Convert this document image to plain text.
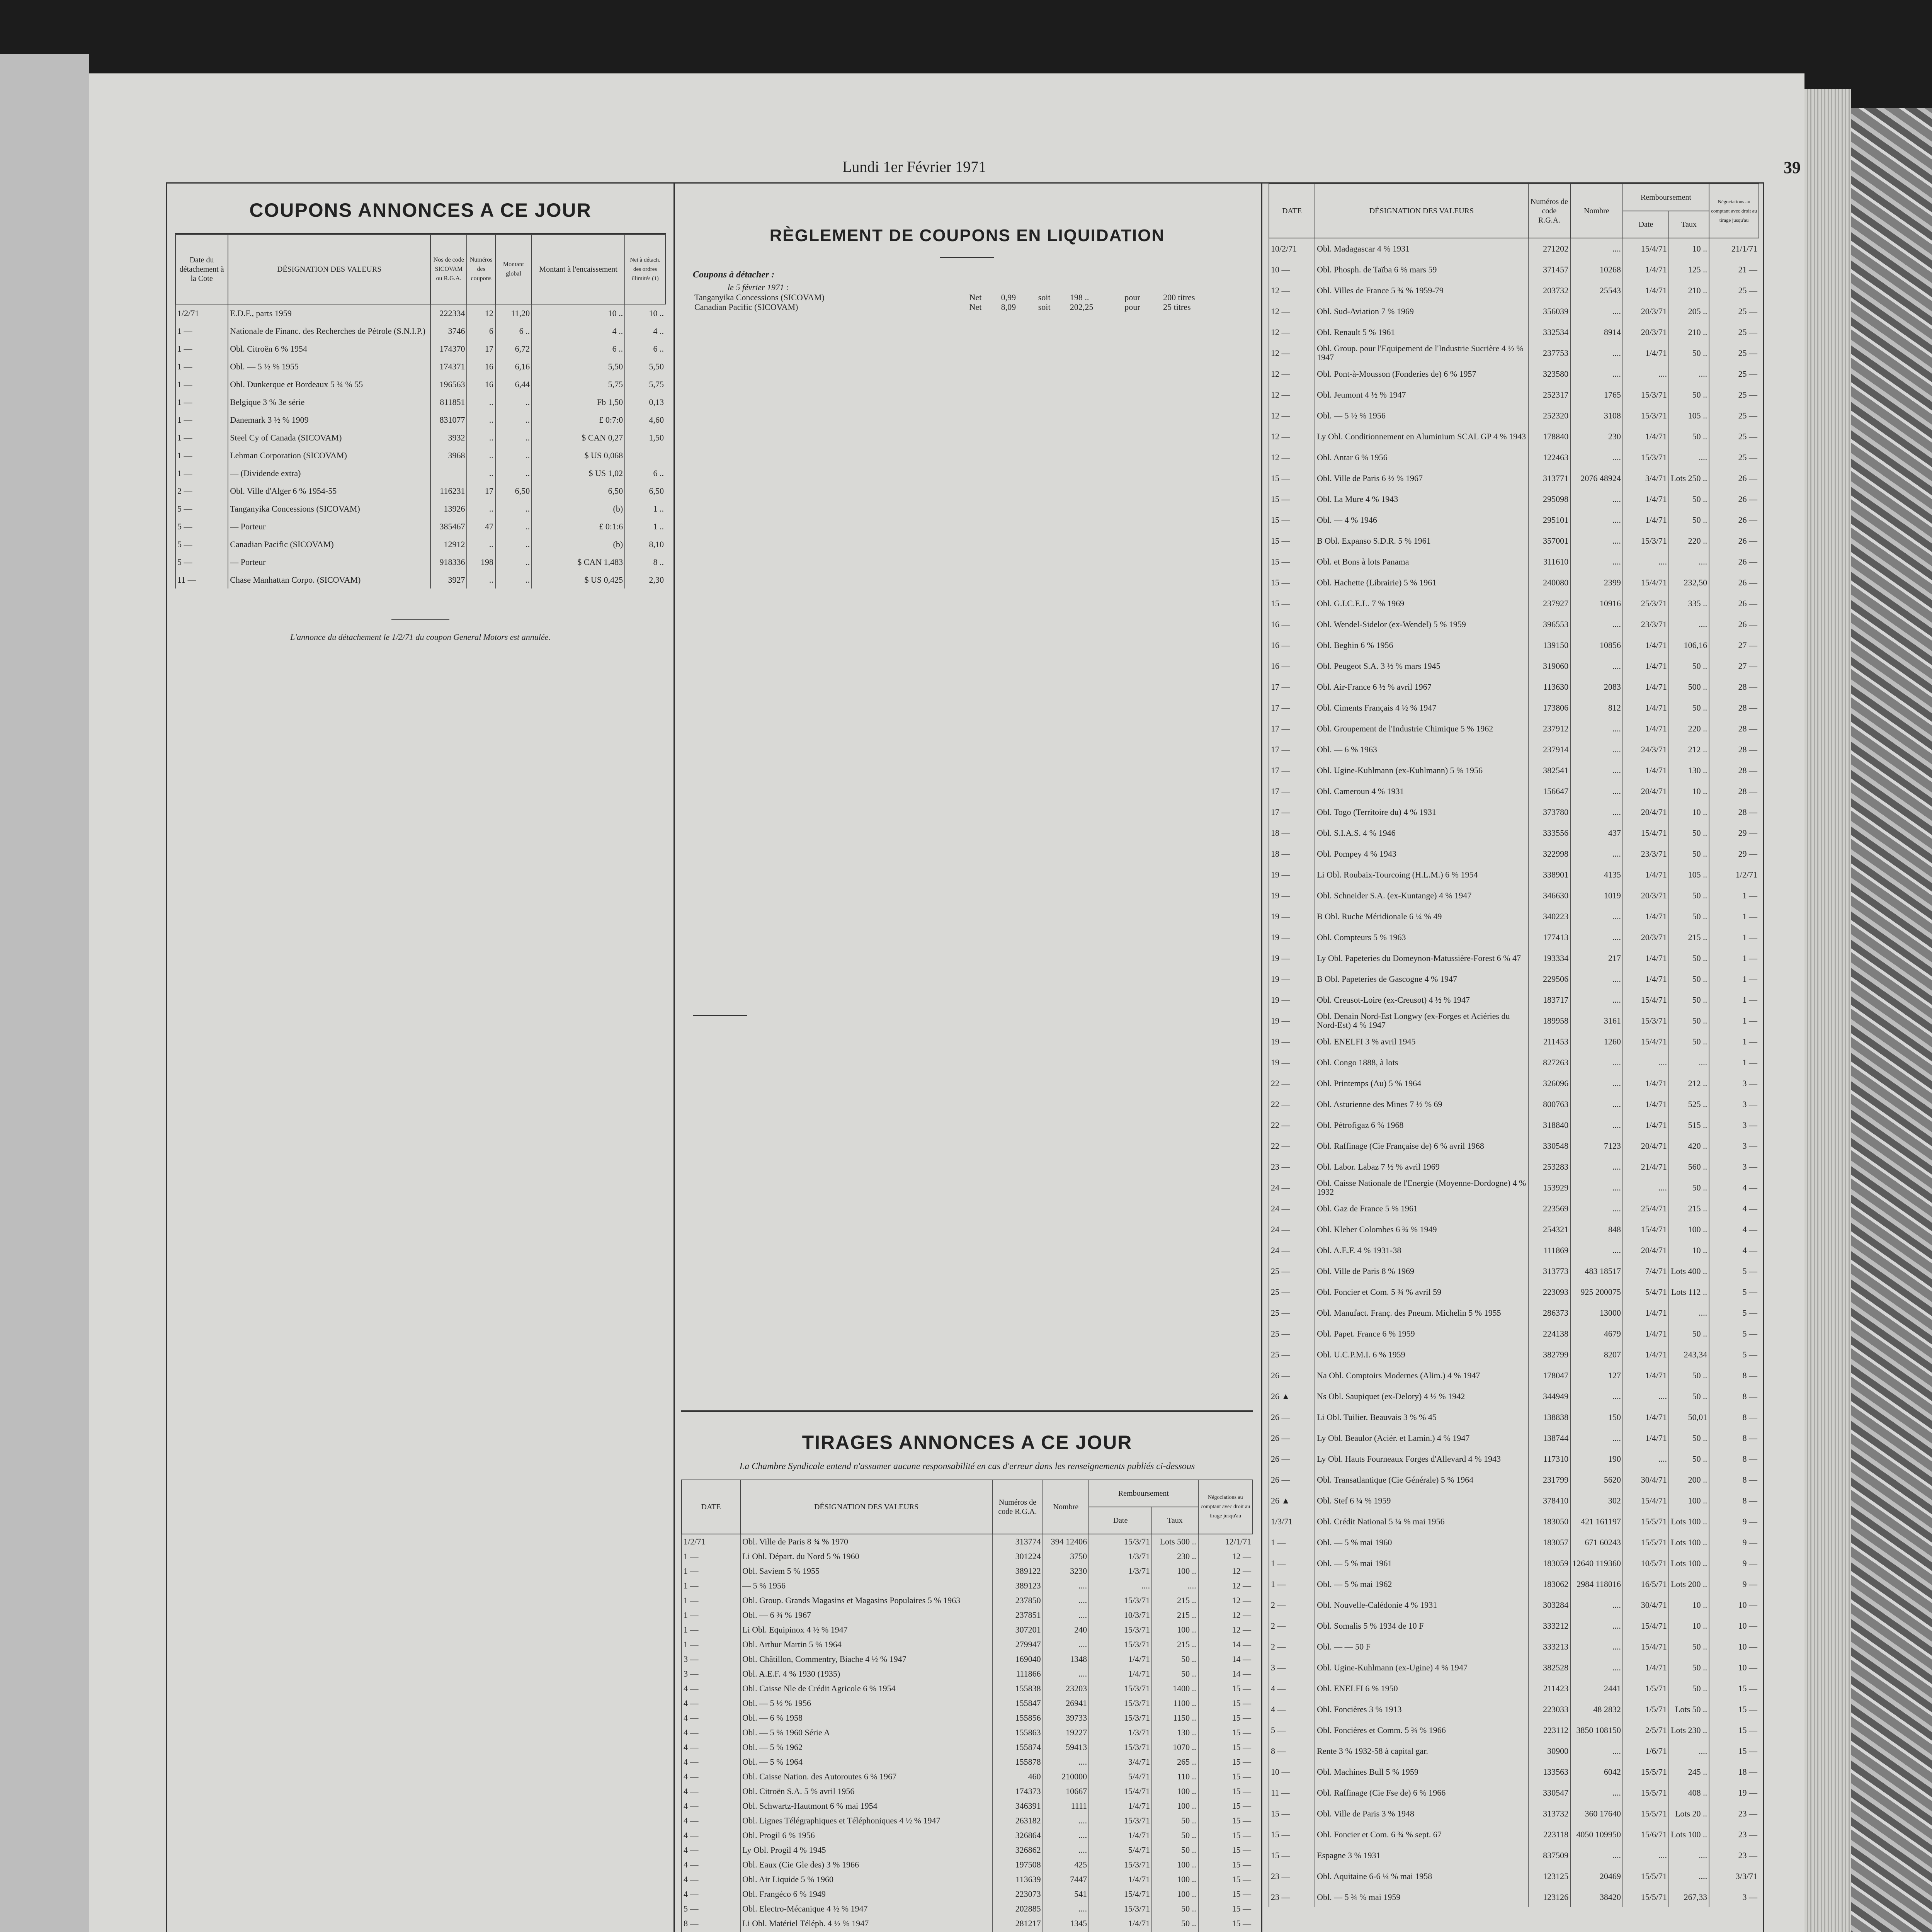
Lundi 1er Février 1971	39
COUPONS ANNONCES A CE JOUR
Date du détachement à la Cote	DÉSIGNATION DES VALEURS	Nos de code SICOVAM ou R.G.A.	Numéros des coupons	Montant global	Montant à l'encaissement	Net à détach. des ordres illimités (1)
1/2/71	E.D.F., parts 1959	222334	12	11,20	10 ..	10 ..
1 —	Nationale de Financ. des Recherches de Pétrole (S.N.I.P.)	3746	6	6 ..	4 ..	4 ..
1 —	Obl. Citroën 6 % 1954	174370	17	6,72	6 ..	6 ..
1 —	Obl. — 5 ½ % 1955	174371	16	6,16	5,50	5,50
1 —	Obl. Dunkerque et Bordeaux 5 ¾ % 55	196563	16	6,44	5,75	5,75
1 —	Belgique 3 % 3e série	811851	..	..	Fb 1,50	0,13
1 —	Danemark 3 ½ % 1909	831077	..	..	£ 0:7:0	4,60
1 —	Steel Cy of Canada (SICOVAM)	3932	..	..	$ CAN 0,27	1,50
1 —	Lehman Corporation (SICOVAM)	3968	..	..	$ US 0,068	
1 —	— (Dividende extra)		..	..	$ US 1,02	6 ..
2 —	Obl. Ville d'Alger 6 % 1954-55	116231	17	6,50	6,50	6,50
5 —	Tanganyika Concessions (SICOVAM)	13926	..	..	(b)	1 ..
5 —	— Porteur	385467	47	..	£ 0:1:6	1 ..
5 —	Canadian Pacific (SICOVAM)	12912	..	..	(b)	8,10
5 —	— Porteur	918336	198	..	$ CAN 1,483	8 ..
11 —	Chase Manhattan Corpo. (SICOVAM)	3927	..	..	$ US 0,425	2,30
L'annonce du détachement le 1/2/71 du coupon General Motors est annulée.
RÈGLEMENT DE COUPONS EN LIQUIDATION
Coupons à détacher :
le 5 février 1971 :
Tanganyika Concessions (SICOVAM)	Net	0,99	soit	198 ..	pour	200 titres
Canadian Pacific (SICOVAM)	Net	8,09	soit	202,25	pour	25 titres
TIRAGES ANNONCES A CE JOUR
La Chambre Syndicale entend n'assumer aucune responsabilité en cas d'erreur dans les renseignements publiés ci-dessous
DATE	DÉSIGNATION DES VALEURS	Numéros de code R.G.A.	Nombre	Remboursement		Négociations au comptant avec droit au tirage jusqu'au
				Date	Taux	
1/2/71	Obl. Ville de Paris 8 ¾ % 1970	313774	394 12406	15/3/71	Lots 500 ..	12/1/71
1 —	Li Obl. Départ. du Nord 5 % 1960	301224	3750	1/3/71	230 ..	12 —
1 —	Obl. Saviem 5 % 1955	389122	3230	1/3/71	100 ..	12 —
1 —	— 5 % 1956	389123	....	....	....	12 —
1 —	Obl. Group. Grands Magasins et Magasins Populaires 5 % 1963	237850	....	15/3/71	215 ..	12 —
1 —	Obl. — 6 ¾ % 1967	237851	....	10/3/71	215 ..	12 —
1 —	Li Obl. Equipinox 4 ½ % 1947	307201	240	15/3/71	100 ..	12 —
1 —	Obl. Arthur Martin 5 % 1964	279947	....	15/3/71	215 ..	14 —
3 —	Obl. Châtillon, Commentry, Biache 4 ½ % 1947	169040	1348	1/4/71	50 ..	14 —
3 —	Obl. A.E.F. 4 % 1930 (1935)	111866	....	1/4/71	50 ..	14 —
4 —	Obl. Caisse Nle de Crédit Agricole 6 % 1954	155838	23203	15/3/71	1400 ..	15 —
4 —	Obl. — 5 ½ % 1956	155847	26941	15/3/71	1100 ..	15 —
4 —	Obl. — 6 % 1958	155856	39733	15/3/71	1150 ..	15 —
4 —	Obl. — 5 % 1960 Série A	155863	19227	1/3/71	130 ..	15 —
4 —	Obl. — 5 % 1962	155874	59413	15/3/71	1070 ..	15 —
4 —	Obl. — 5 % 1964	155878	....	3/4/71	265 ..	15 —
4 —	Obl. Caisse Nation. des Autoroutes 6 % 1967	460	210000	5/4/71	110 ..	15 —
4 —	Obl. Citroën S.A. 5 % avril 1956	174373	10667	15/4/71	100 ..	15 —
4 —	Obl. Schwartz-Hautmont 6 % mai 1954	346391	1111	1/4/71	100 ..	15 —
4 —	Obl. Lignes Télégraphiques et Téléphoniques 4 ½ % 1947	263182	....	15/3/71	50 ..	15 —
4 —	Obl. Progil 6 % 1956	326864	....	1/4/71	50 ..	15 —
4 —	Ly Obl. Progil 4 % 1945	326862	....	5/4/71	50 ..	15 —
4 —	Obl. Eaux (Cie Gle des) 3 % 1966	197508	425	15/3/71	100 ..	15 —
4 —	Obl. Air Liquide 5 % 1960	113639	7447	1/4/71	100 ..	15 —
4 —	Obl. Frangéco 6 % 1949	223073	541	15/4/71	100 ..	15 —
5 —	Obl. Electro-Mécanique 4 ½ % 1947	202885	....	15/3/71	50 ..	15 —
8 —	Li Obl. Matériel Téléph. 4 ½ % 1947	281217	1345	1/4/71	50 ..	15 —

DATE	DÉSIGNATION DES VALEURS	Numéros de code R.G.A.	Nombre	Remboursement		Négociations au comptant avec droit au tirage jusqu'au
				Date	Taux	
10/2/71	Obl. Madagascar 4 % 1931	271202	....	15/4/71	10 ..	21/1/71
10 —	Obl. Phosph. de Taïba 6 % mars 59	371457	10268	1/4/71	125 ..	21 —
12 —	Obl. Villes de France 5 ¾ % 1959-79	203732	25543	1/4/71	210 ..	25 —
12 —	Obl. Sud-Aviation 7 % 1969	356039	....	20/3/71	205 ..	25 —
12 —	Obl. Renault 5 % 1961	332534	8914	20/3/71	210 ..	25 —
12 —	Obl. Group. pour l'Equipement de l'Industrie Sucrière 4 ½ % 1947	237753	....	1/4/71	50 ..	25 —
12 —	Obl. Pont-à-Mousson (Fonderies de) 6 % 1957	323580	....	....	....	25 —
12 —	Obl. Jeumont 4 ½ % 1947	252317	1765	15/3/71	50 ..	25 —
12 —	Obl. — 5 ½ % 1956	252320	3108	15/3/71	105 ..	25 —
12 —	Ly Obl. Conditionnement en Aluminium SCAL GP 4 % 1943	178840	230	1/4/71	50 ..	25 —
12 —	Obl. Antar 6 % 1956	122463	....	15/3/71	....	25 —
15 —	Obl. Ville de Paris 6 ½ % 1967	313771	2076 48924	3/4/71	Lots 250 ..	26 —
15 —	Obl. La Mure 4 % 1943	295098	....	1/4/71	50 ..	26 —
15 —	Obl. — 4 % 1946	295101	....	1/4/71	50 ..	26 —
15 —	B Obl. Expanso S.D.R. 5 % 1961	357001	....	15/3/71	220 ..	26 —
15 —	Obl. et Bons à lots Panama	311610	....	....	....	26 —
15 —	Obl. Hachette (Librairie) 5 % 1961	240080	2399	15/4/71	232,50	26 —
15 —	Obl. G.I.C.E.L. 7 % 1969	237927	10916	25/3/71	335 ..	26 —
16 —	Obl. Wendel-Sidelor (ex-Wendel) 5 % 1959	396553	....	23/3/71	....	26 —
16 —	Obl. Beghin 6 % 1956	139150	10856	1/4/71	106,16	27 —
16 —	Obl. Peugeot S.A. 3 ½ % mars 1945	319060	....	1/4/71	50 ..	27 —
17 —	Obl. Air-France 6 ½ % avril 1967	113630	2083	1/4/71	500 ..	28 —
17 —	Obl. Ciments Français 4 ½ % 1947	173806	812	1/4/71	50 ..	28 —
17 —	Obl. Groupement de l'Industrie Chimique 5 % 1962	237912	....	1/4/71	220 ..	28 —
17 —	Obl. — 6 % 1963	237914	....	24/3/71	212 ..	28 —
17 —	Obl. Ugine-Kuhlmann (ex-Kuhlmann) 5 % 1956	382541	....	1/4/71	130 ..	28 —
17 —	Obl. Cameroun 4 % 1931	156647	....	20/4/71	10 ..	28 —
17 —	Obl. Togo (Territoire du) 4 % 1931	373780	....	20/4/71	10 ..	28 —
18 —	Obl. S.I.A.S. 4 % 1946	333556	437	15/4/71	50 ..	29 —
18 —	Obl. Pompey 4 % 1943	322998	....	23/3/71	50 ..	29 —
19 —	Li Obl. Roubaix-Tourcoing (H.L.M.) 6 % 1954	338901	4135	1/4/71	105 ..	1/2/71
19 —	Obl. Schneider S.A. (ex-Kuntange) 4 % 1947	346630	1019	20/3/71	50 ..	1 —
19 —	B Obl. Ruche Méridionale 6 ¼ % 49	340223	....	1/4/71	50 ..	1 —
19 —	Obl. Compteurs 5 % 1963	177413	....	20/3/71	215 ..	1 —
19 —	Ly Obl. Papeteries du Domeynon-Matussière-Forest 6 % 47	193334	217	1/4/71	50 ..	1 —
19 —	B Obl. Papeteries de Gascogne 4 % 1947	229506	....	1/4/71	50 ..	1 —
19 —	Obl. Creusot-Loire (ex-Creusot) 4 ½ % 1947	183717	....	15/4/71	50 ..	1 —
19 —	Obl. Denain Nord-Est Longwy (ex-Forges et Aciéries du Nord-Est) 4 % 1947	189958	3161	15/3/71	50 ..	1 —
19 —	Obl. ENELFI 3 % avril 1945	211453	1260	15/4/71	50 ..	1 —
19 —	Obl. Congo 1888, à lots	827263	....	....	....	1 —
22 —	Obl. Printemps (Au) 5 % 1964	326096	....	1/4/71	212 ..	3 —
22 —	Obl. Asturienne des Mines 7 ½ % 69	800763	....	1/4/71	525 ..	3 —
22 —	Obl. Pétrofigaz 6 % 1968	318840	....	1/4/71	515 ..	3 —
22 —	Obl. Raffinage (Cie Française de) 6 % avril 1968	330548	7123	20/4/71	420 ..	3 —
23 —	Obl. Labor. Labaz 7 ½ % avril 1969	253283	....	21/4/71	560 ..	3 —
24 —	Obl. Caisse Nationale de l'Energie (Moyenne-Dordogne) 4 % 1932	153929	....	....	50 ..	4 —
24 —	Obl. Gaz de France 5 % 1961	223569	....	25/4/71	215 ..	4 —
24 —	Obl. Kleber Colombes 6 ¾ % 1949	254321	848	15/4/71	100 ..	4 —
24 —	Obl. A.E.F. 4 % 1931-38	111869	....	20/4/71	10 ..	4 —
25 —	Obl. Ville de Paris 8 % 1969	313773	483 18517	7/4/71	Lots 400 ..	5 —
25 —	Obl. Foncier et Com. 5 ¾ % avril 59	223093	925 200075	5/4/71	Lots 112 ..	5 —
25 —	Obl. Manufact. Franç. des Pneum. Michelin 5 % 1955	286373	13000	1/4/71	....	5 —
25 —	Obl. Papet. France 6 % 1959	224138	4679	1/4/71	50 ..	5 —
25 —	Obl. U.C.P.M.I. 6 % 1959	382799	8207	1/4/71	243,34	5 —
26 —	Na Obl. Comptoirs Modernes (Alim.) 4 % 1947	178047	127	1/4/71	50 ..	8 —
26 ▲	Ns Obl. Saupiquet (ex-Delory) 4 ½ % 1942	344949	....	....	50 ..	8 —
26 —	Li Obl. Tuilier. Beauvais 3 % % 45	138838	150	1/4/71	50,01	8 —
26 —	Ly Obl. Beaulor (Aciér. et Lamin.) 4 % 1947	138744	....	1/4/71	50 ..	8 —
26 —	Ly Obl. Hauts Fourneaux Forges d'Allevard 4 % 1943	117310	190	....	50 ..	8 —
26 —	Obl. Transatlantique (Cie Générale) 5 % 1964	231799	5620	30/4/71	200 ..	8 —
26 ▲	Obl. Stef 6 ¼ % 1959	378410	302	15/4/71	100 ..	8 —
1/3/71	Obl. Crédit National 5 ¼ % mai 1956	183050	421 161197	15/5/71	Lots 100 ..	9 —
1 —	Obl. — 5 % mai 1960	183057	671 60243	15/5/71	Lots 100 ..	9 —
1 —	Obl. — 5 % mai 1961	183059	12640 119360	10/5/71	Lots 100 ..	9 —
1 —	Obl. — 5 % mai 1962	183062	2984 118016	16/5/71	Lots 200 ..	9 —
2 —	Obl. Nouvelle-Calédonie 4 % 1931	303284	....	30/4/71	10 ..	10 —
2 —	Obl. Somalis 5 % 1934 de 10 F	333212	....	15/4/71	10 ..	10 —
2 —	Obl. — — 50 F	333213	....	15/4/71	50 ..	10 —
3 —	Obl. Ugine-Kuhlmann (ex-Ugine) 4 % 1947	382528	....	1/4/71	50 ..	10 —
4 —	Obl. ENELFI 6 % 1950	211423	2441	1/5/71	50 ..	15 —
4 —	Obl. Foncières 3 % 1913	223033	48 2832	1/5/71	Lots 50 ..	15 —
5 —	Obl. Foncières et Comm. 5 ¾ % 1966	223112	3850 108150	2/5/71	Lots 230 ..	15 —
8 —	Rente 3 % 1932-58 à capital gar.	30900	....	1/6/71	....	15 —
10 —	Obl. Machines Bull 5 % 1959	133563	6042	15/5/71	245 ..	18 —
11 —	Obl. Raffinage (Cie Fse de) 6 % 1966	330547	....	15/5/71	408 ..	19 —
15 —	Obl. Ville de Paris 3 % 1948	313732	360 17640	15/5/71	Lots 20 ..	23 —
15 —	Obl. Foncier et Com. 6 ¾ % sept. 67	223118	4050 109950	15/6/71	Lots 100 ..	23 —
15 —	Espagne 3 % 1931	837509	....	....	....	23 —
23 —	Obl. Aquitaine 6-6 ¼ % mai 1958	123125	20469	15/5/71	....	3/3/71
23 —	Obl. — 5 ¾ % mai 1959	123126	38420	15/5/71	267,33	3 —
